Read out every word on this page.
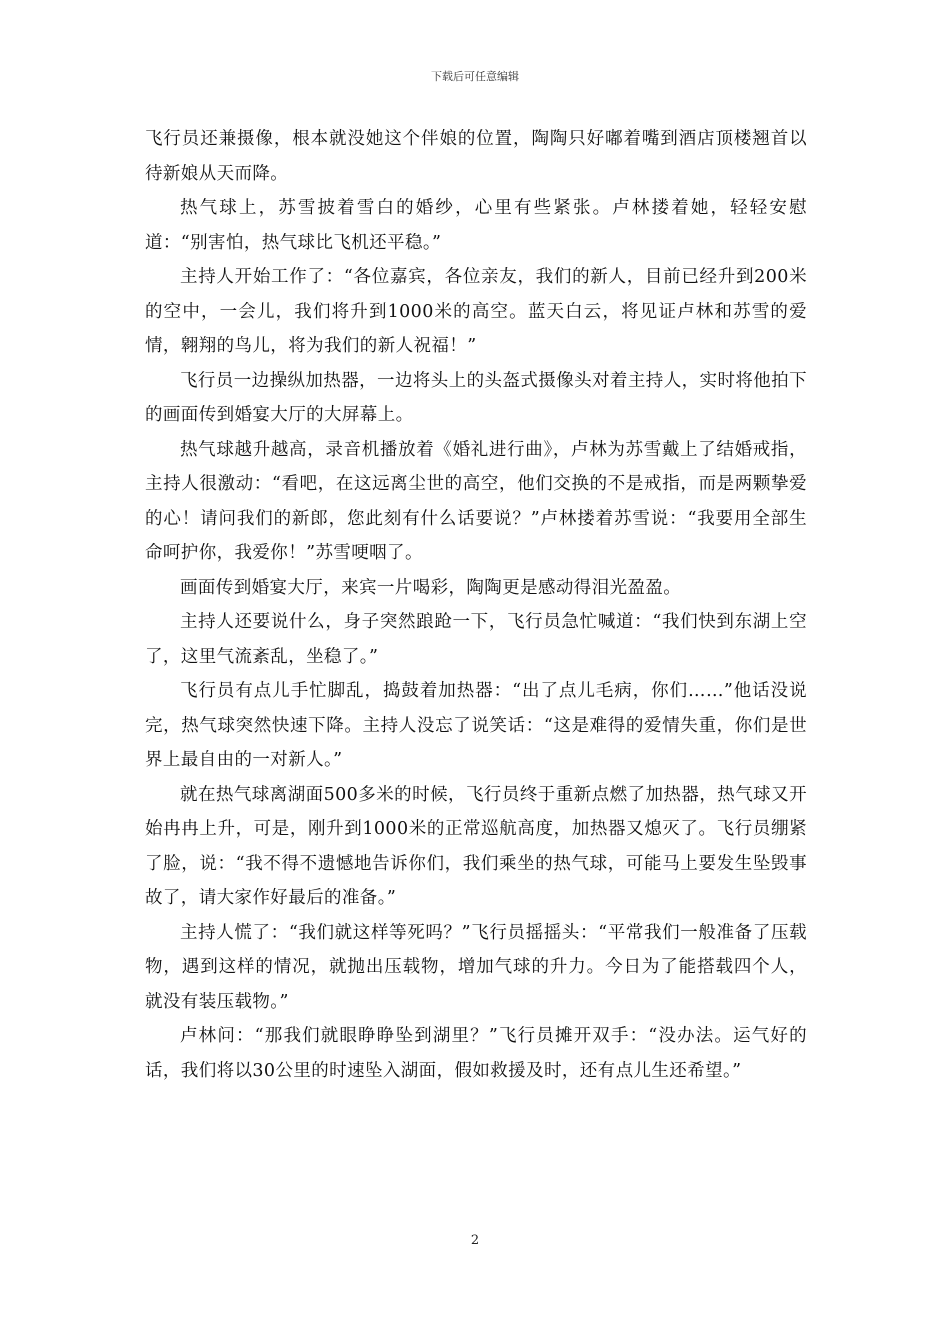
下载后可任意编辑

飞行员还兼摄像，根本就没她这个伴娘的位置，陶陶只好嘟着嘴到酒店顶楼翘首以待新娘从天而降。

热气球上，苏雪披着雪白的婚纱，心里有些紧张。卢林搂着她，轻轻安慰道：“别害怕，热气球比飞机还平稳。”

主持人开始工作了：“各位嘉宾，各位亲友，我们的新人，目前已经升到200米的空中，一会儿，我们将升到1000米的高空。蓝天白云，将见证卢林和苏雪的爱情，翱翔的鸟儿，将为我们的新人祝福！”

飞行员一边操纵加热器，一边将头上的头盔式摄像头对着主持人，实时将他拍下的画面传到婚宴大厅的大屏幕上。

热气球越升越高，录音机播放着《婚礼进行曲》，卢林为苏雪戴上了结婚戒指，主持人很激动：“看吧，在这远离尘世的高空，他们交换的不是戒指，而是两颗挚爱的心！请问我们的新郎，您此刻有什么话要说？”卢林搂着苏雪说：“我要用全部生命呵护你，我爱你！”苏雪哽咽了。

画面传到婚宴大厅，来宾一片喝彩，陶陶更是感动得泪光盈盈。

主持人还要说什么，身子突然踉跄一下，飞行员急忙喊道：“我们快到东湖上空了，这里气流紊乱，坐稳了。”

飞行员有点儿手忙脚乱，捣鼓着加热器：“出了点儿毛病，你们……”他话没说完，热气球突然快速下降。主持人没忘了说笑话：“这是难得的爱情失重，你们是世界上最自由的一对新人。”

就在热气球离湖面500多米的时候，飞行员终于重新点燃了加热器，热气球又开始冉冉上升，可是，刚升到1000米的正常巡航高度，加热器又熄灭了。飞行员绷紧了脸，说：“我不得不遗憾地告诉你们，我们乘坐的热气球，可能马上要发生坠毁事故了，请大家作好最后的准备。”

主持人慌了：“我们就这样等死吗？”飞行员摇摇头：“平常我们一般准备了压载物，遇到这样的情况，就抛出压载物，增加气球的升力。今日为了能搭载四个人，就没有装压载物。”

卢林问：“那我们就眼睁睁坠到湖里？”飞行员摊开双手：“没办法。运气好的话，我们将以30公里的时速坠入湖面，假如救援及时，还有点儿生还希望。”

2
